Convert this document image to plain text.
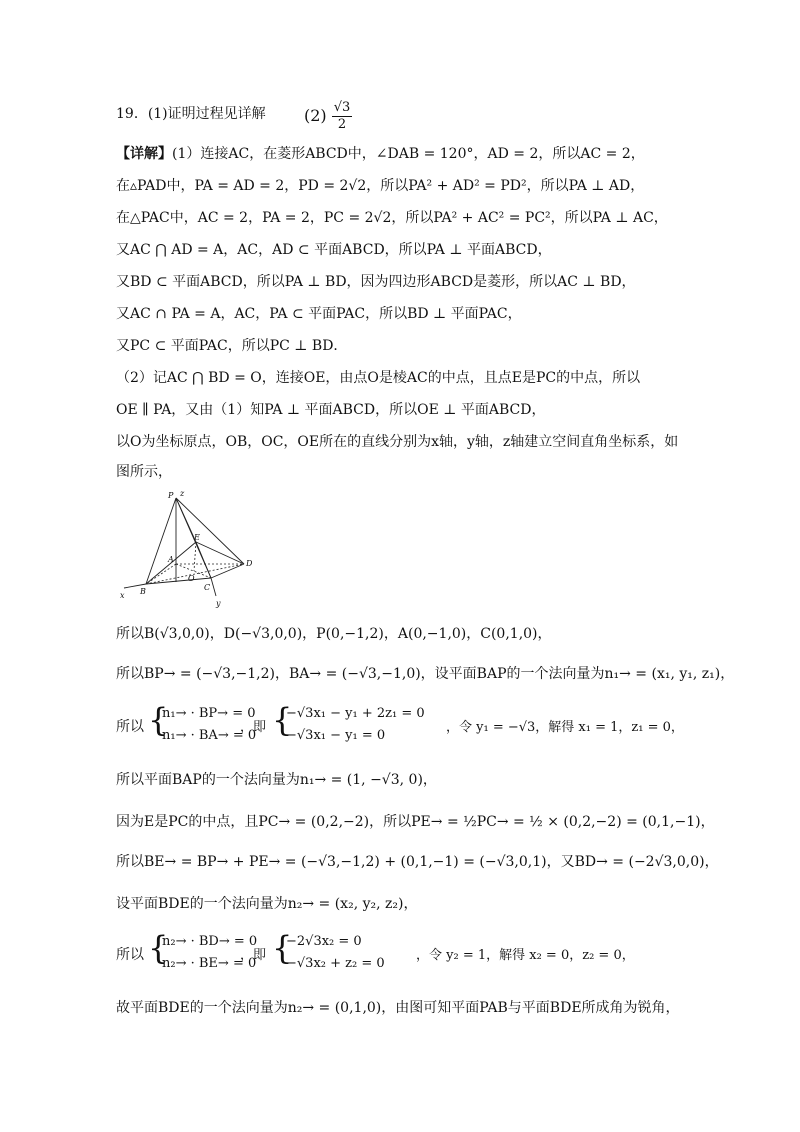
19．(1)证明过程见详解	$(2) \frac{√3}{2}$
【详解】(1）连接AC，在菱形ABCD中，∠DAB = 120°，AD = 2，所以AC = 2，
在▵PAD中，PA = AD = 2，PD = 2√2，所以PA² + AD² = PD²，所以PA ⊥ AD，
在△PAC中，AC = 2，PA = 2，PC = 2√2，所以PA² + AC² = PC²，所以PA ⊥ AC，
又AC ⋂ AD = A，AC，AD ⊂ 平面ABCD，所以PA ⊥ 平面ABCD，
又BD ⊂ 平面ABCD，所以PA ⊥ BD，因为四边形ABCD是菱形，所以AC ⊥ BD，
又AC ∩ PA = A，AC，PA ⊂ 平面PAC，所以BD ⊥ 平面PAC，
又PC ⊂ 平面PAC，所以PC ⊥ BD．
（2）记AC ⋂ BD = O，连接OE，由点O是棱AC的中点，且点E是PC的中点，所以
OE ∥ PA，又由（1）知PA ⊥ 平面ABCD，所以OE ⊥ 平面ABCD，
以O为坐标原点，OB，OC，OE所在的直线分别为x轴，y轴，z轴建立空间直角坐标系，如
图所示，
P z
E
A	D
O
B	C
x
y
所以B(√3,0,0)，D(−√3,0,0)，P(0,−1,2)，A(0,−1,0)，C(0,1,0)，
所以BP→ = (−√3,−1,2)，BA→ = (−√3,−1,0)，设平面BAP的一个法向量为n₁→ = (x₁, y₁, z₁)，
所以 {
n₁→ · BP→ = 0
n₁→ · BA→ = 0
，即 {
−√3x₁ − y₁ + 2z₁ = 0
−√3x₁ − y₁ = 0
，令 y₁ = −√3，解得 x₁ = 1，z₁ = 0，
所以平面BAP的一个法向量为n₁→ = (1, −√3, 0)，
因为E是PC的中点，且PC→ = (0,2,−2)，所以PE→ = ½PC→ = ½ × (0,2,−2) = (0,1,−1)，
所以BE→ = BP→ + PE→ = (−√3,−1,2) + (0,1,−1) = (−√3,0,1)，又BD→ = (−2√3,0,0)，
设平面BDE的一个法向量为n₂→ = (x₂, y₂, z₂)，
所以 {
n₂→ · BD→ = 0
n₂→ · BE→ = 0
，即 {
−2√3x₂ = 0
−√3x₂ + z₂ = 0
，令 y₂ = 1，解得 x₂ = 0，z₂ = 0，
故平面BDE的一个法向量为n₂→ = (0,1,0)，由图可知平面PAB与平面BDE所成角为锐角，
